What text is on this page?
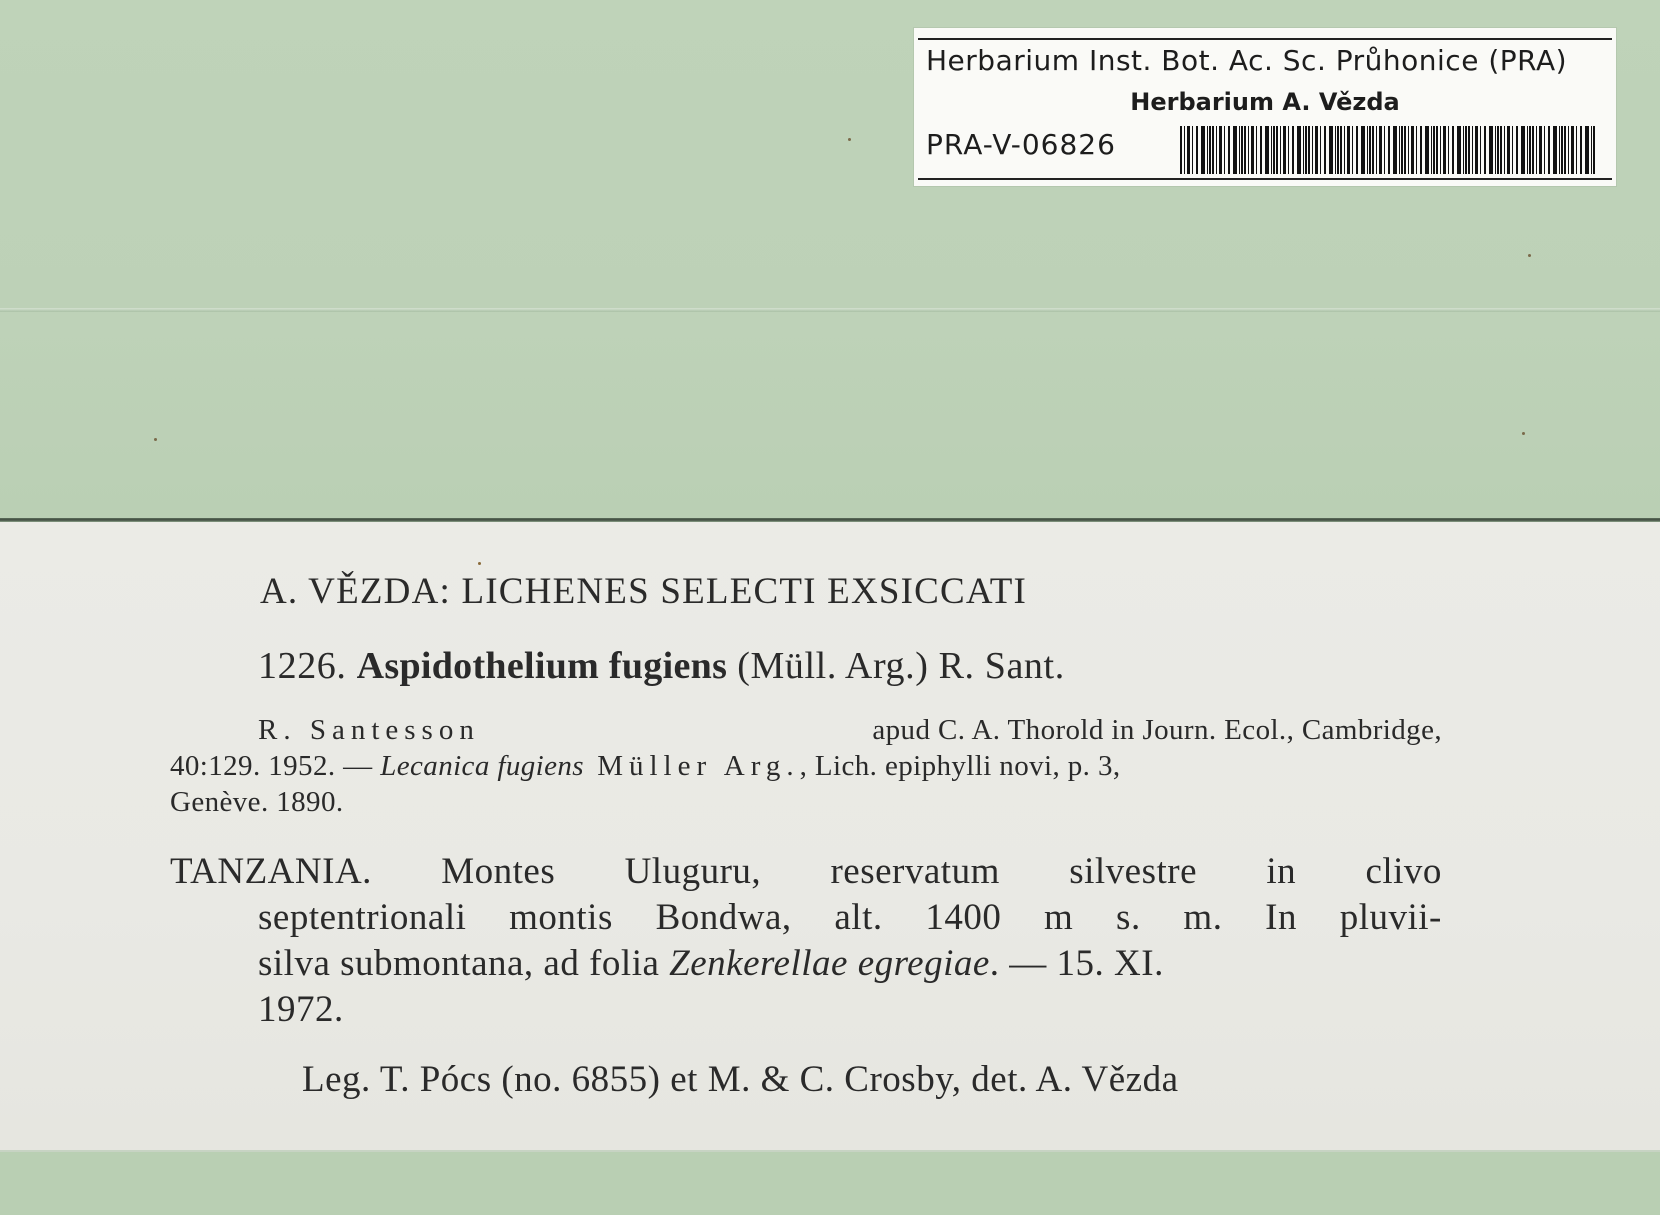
Herbarium Inst. Bot. Ac. Sc. Průhonice (PRA)
Herbarium A. Vězda
PRA-V-06826
A. VĚZDA: LICHENES SELECTI EXSICCATI
1226. Aspidothelium fugiens (Müll. Arg.) R. Sant.
R. Santesson	apud C. A. Thorold in Journ. Ecol., Cambridge,
40:129. 1952. — Lecanica fugiens Müller Arg., Lich. epiphylli novi, p. 3,
Genève. 1890.
TANZANIA. Montes Uluguru, reservatum silvestre in clivo
septentrionali montis Bondwa, alt. 1400 m s. m. In pluvii-
silva submontana, ad folia Zenkerellae egregiae. — 15. XI.
1972.
Leg. T. Pócs (no. 6855) et M. & C. Crosby, det. A. Vězda
